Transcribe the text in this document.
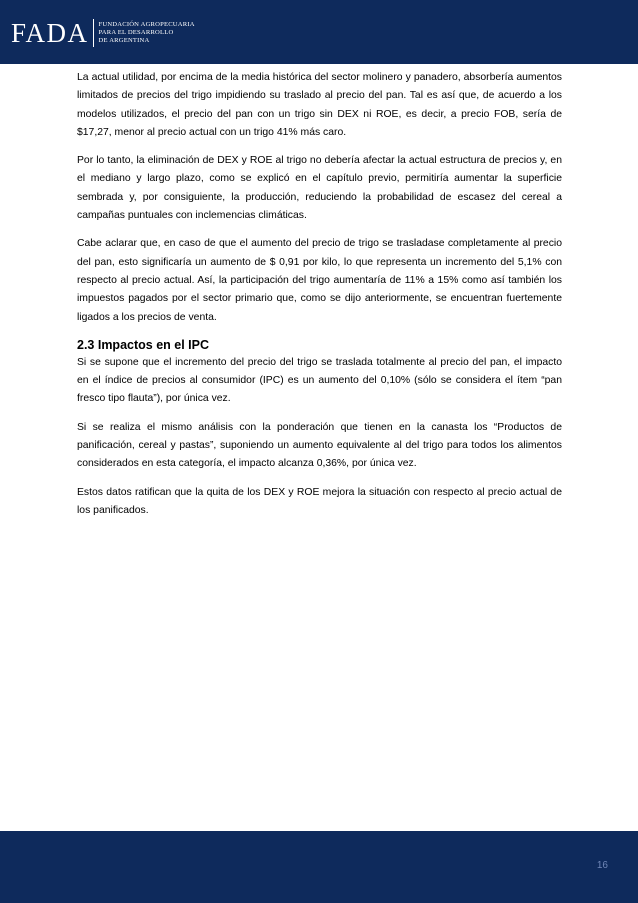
FADA FUNDACIÓN AGROPECUARIA
PARA EL DESARROLLO
DE ARGENTINA

La actual utilidad, por encima de la media histórica del sector molinero y panadero, absorbería aumentos limitados de precios del trigo impidiendo su traslado al precio del pan. Tal es así que, de acuerdo a los modelos utilizados, el precio del pan con un trigo sin DEX ni ROE, es decir, a precio FOB, sería de $17,27, menor al precio actual con un trigo 41% más caro.

Por lo tanto, la eliminación de DEX y ROE al trigo no debería afectar la actual estructura de precios y, en el mediano y largo plazo, como se explicó en el capítulo previo, permitiría aumentar la superficie sembrada y, por consiguiente, la producción, reduciendo la probabilidad de escasez del cereal a campañas puntuales con inclemencias climáticas.

Cabe aclarar que, en caso de que el aumento del precio de trigo se trasladase completamente al precio del pan, esto significaría un aumento de $ 0,91 por kilo, lo que representa un incremento del 5,1% con respecto al precio actual. Así, la participación del trigo aumentaría de 11% a 15% como así también los impuestos pagados por el sector primario que, como se dijo anteriormente, se encuentran fuertemente ligados a los precios de venta.

2.3 Impactos en el IPC

Si se supone que el incremento del precio del trigo se traslada totalmente al precio del pan, el impacto en el índice de precios al consumidor (IPC) es un aumento del 0,10% (sólo se considera el ítem “pan fresco tipo flauta”), por única vez.

Si se realiza el mismo análisis con la ponderación que tienen en la canasta los “Productos de panificación, cereal y pastas”, suponiendo un aumento equivalente al del trigo para todos los alimentos considerados en esta categoría, el impacto alcanza 0,36%, por única vez.

Estos datos ratifican que la quita de los DEX y ROE mejora la situación con respecto al precio actual de los panificados.

16
